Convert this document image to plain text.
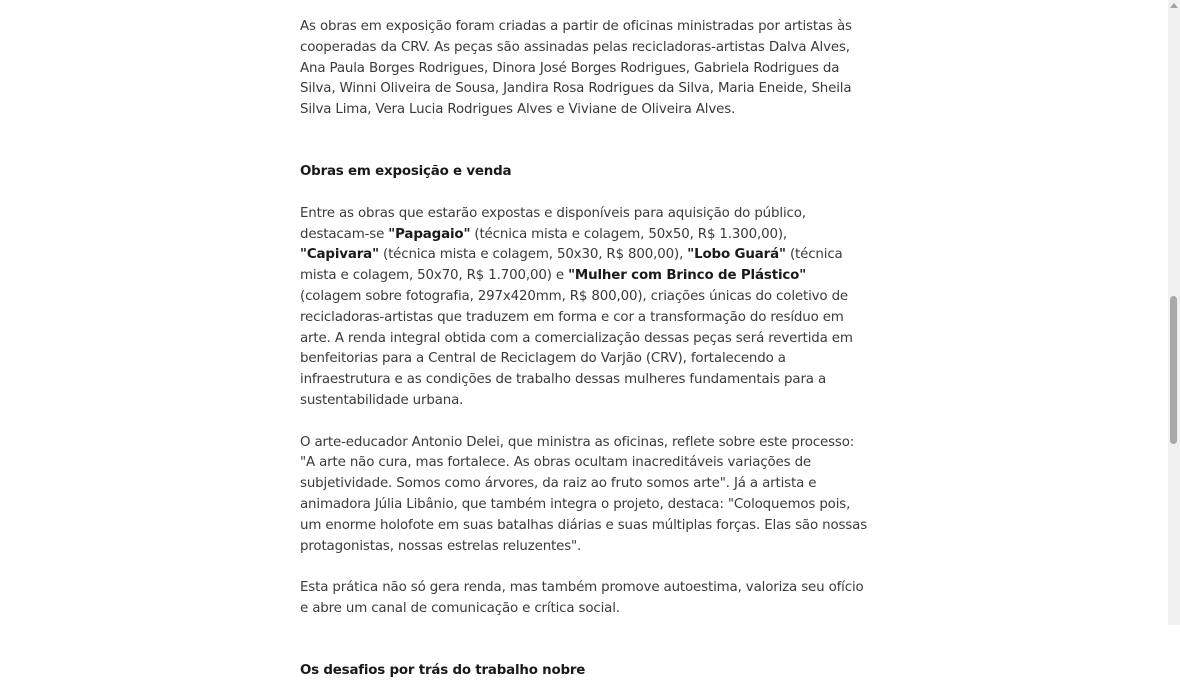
As obras em exposição foram criadas a partir de oficinas ministradas por artistas às cooperadas da CRV. As peças são assinadas pelas recicladoras-artistas Dalva Alves, Ana Paula Borges Rodrigues, Dinora José Borges Rodrigues, Gabriela Rodrigues da Silva, Winni Oliveira de Sousa, Jandira Rosa Rodrigues da Silva, Maria Eneide, Sheila Silva Lima, Vera Lucia Rodrigues Alves e Viviane de Oliveira Alves.

Obras em exposição e venda

Entre as obras que estarão expostas e disponíveis para aquisição do público, destacam-se "Papagaio" (técnica mista e colagem, 50x50, R$ 1.300,00), "Capivara" (técnica mista e colagem, 50x30, R$ 800,00), "Lobo Guará" (técnica mista e colagem, 50x70, R$ 1.700,00) e "Mulher com Brinco de Plástico" (colagem sobre fotografia, 297x420mm, R$ 800,00), criações únicas do coletivo de recicladoras-artistas que traduzem em forma e cor a transformação do resíduo em arte. A renda integral obtida com a comercialização dessas peças será revertida em benfeitorias para a Central de Reciclagem do Varjão (CRV), fortalecendo a infraestrutura e as condições de trabalho dessas mulheres fundamentais para a sustentabilidade urbana.

O arte-educador Antonio Delei, que ministra as oficinas, reflete sobre este processo: "A arte não cura, mas fortalece. As obras ocultam inacreditáveis variações de subjetividade. Somos como árvores, da raiz ao fruto somos arte". Já a artista e animadora Júlia Libânio, que também integra o projeto, destaca: "Coloquemos pois, um enorme holofote em suas batalhas diárias e suas múltiplas forças. Elas são nossas protagonistas, nossas estrelas reluzentes".

Esta prática não só gera renda, mas também promove autoestima, valoriza seu ofício e abre um canal de comunicação e crítica social.

Os desafios por trás do trabalho nobre
